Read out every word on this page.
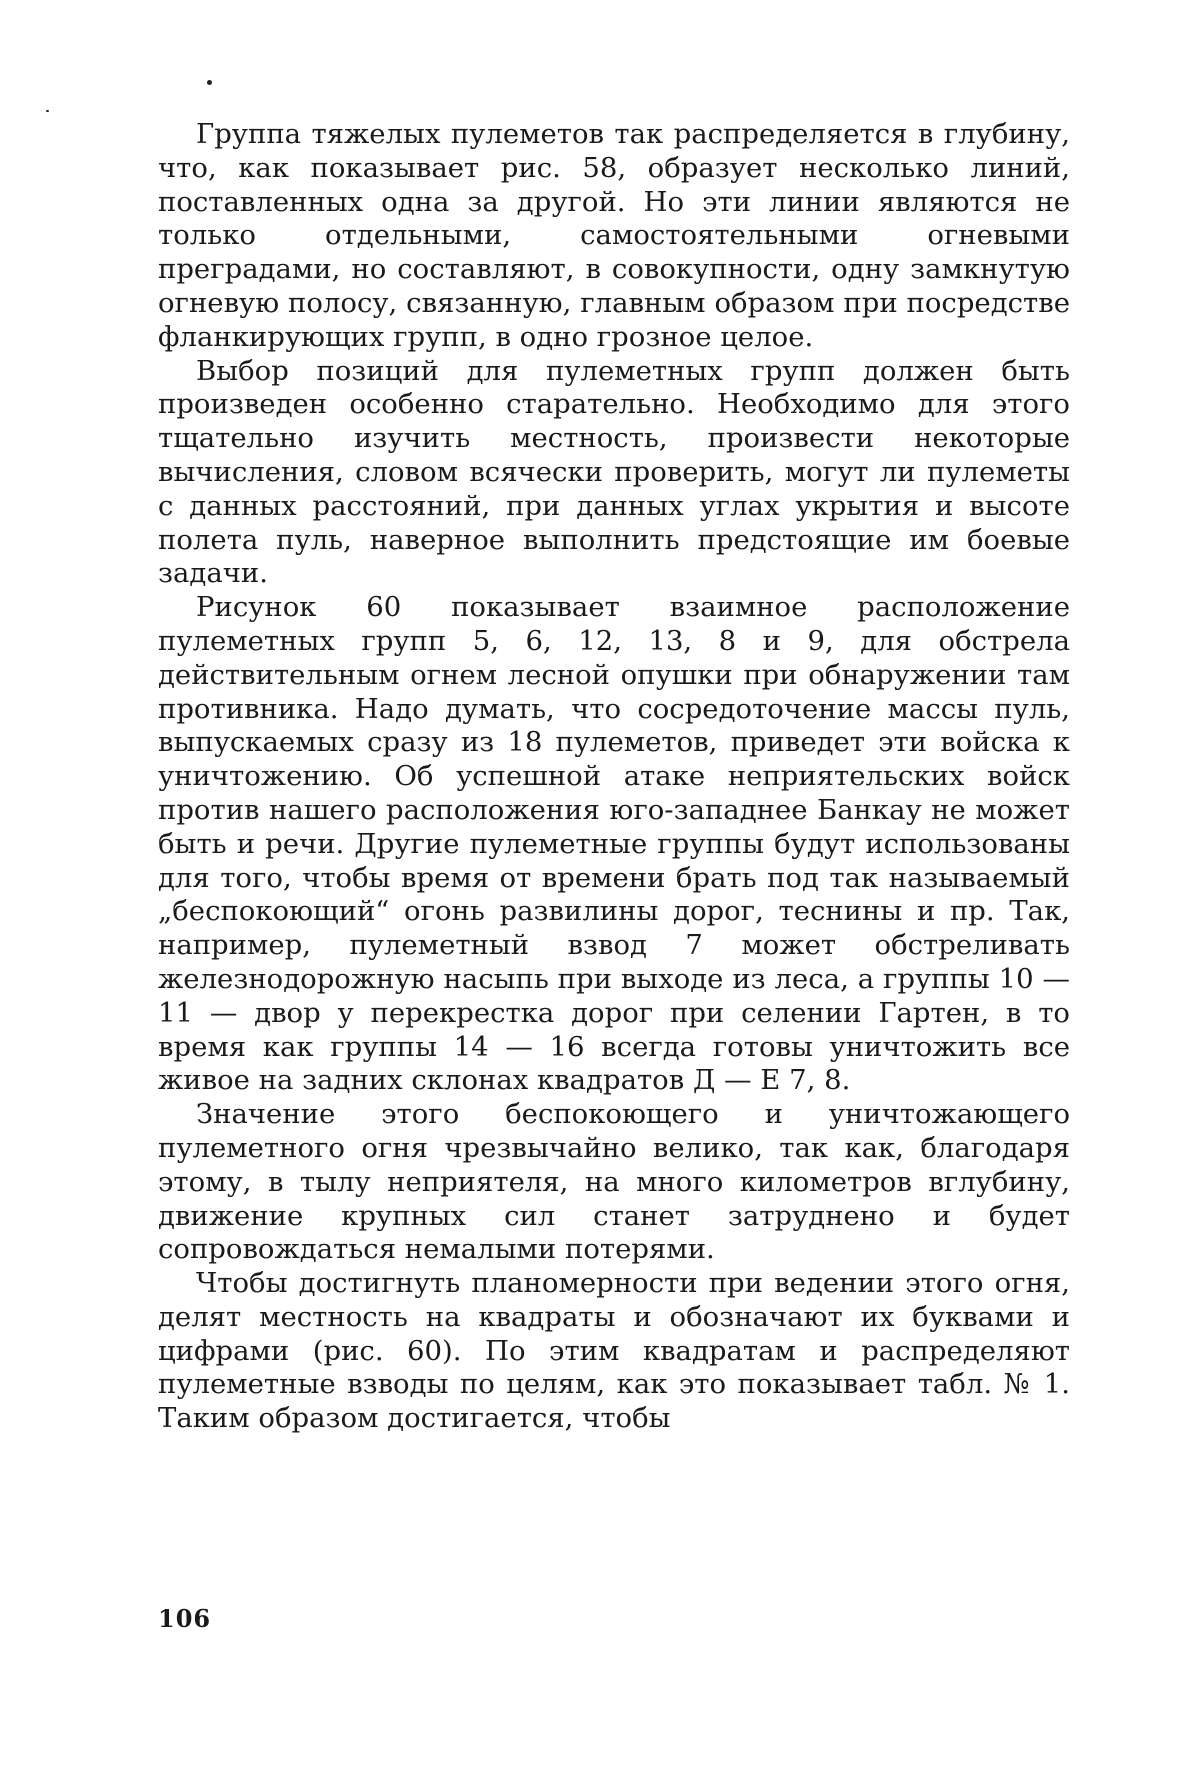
Группа тяжелых пулеметов так распределяется в глубину, что, как показывает рис. 58, образует несколько линий, поставленных одна за другой. Но эти линии являются не только отдельными, самостоятельными огневыми преградами, но составляют, в совокупности, одну замкнутую огневую полосу, связанную, главным образом при посредстве фланкирующих групп, в одно грозное целое.

Выбор позиций для пулеметных групп должен быть произведен особенно старательно. Необходимо для этого тщательно изучить местность, произвести некоторые вычисления, словом всячески проверить, могут ли пулеметы с данных расстояний, при данных углах укрытия и высоте полета пуль, наверное выполнить предстоящие им боевые задачи.

Рисунок 60 показывает взаимное расположение пулеметных групп 5, 6, 12, 13, 8 и 9, для обстрела действительным огнем лесной опушки при обнаружении там противника. Надо думать, что сосредоточение массы пуль, выпускаемых сразу из 18 пулеметов, приведет эти войска к уничтожению. Об успешной атаке неприятельских войск против нашего расположения юго-западнее Банкау не может быть и речи. Другие пулеметные группы будут использованы для того, чтобы время от времени брать под так называемый „беспокоющий“ огонь развилины дорог, теснины и пр. Так, например, пулеметный взвод 7 может обстреливать железнодорожную насыпь при выходе из леса, а группы 10 — 11 — двор у перекрестка дорог при селении Гартен, в то время как группы 14 — 16 всегда готовы уничтожить все живое на задних склонах квадратов Д — Е 7, 8.

Значение этого беспокоющего и уничтожающего пулеметного огня чрезвычайно велико, так как, благодаря этому, в тылу неприятеля, на много километров вглубину, движение крупных сил станет затруднено и будет сопровождаться немалыми потерями.

Чтобы достигнуть планомерности при ведении этого огня, делят местность на квадраты и обозначают их буквами и цифрами (рис. 60). По этим квадратам и распределяют пулеметные взводы по целям, как это показывает табл. № 1. Таким образом достигается, чтобы

106
